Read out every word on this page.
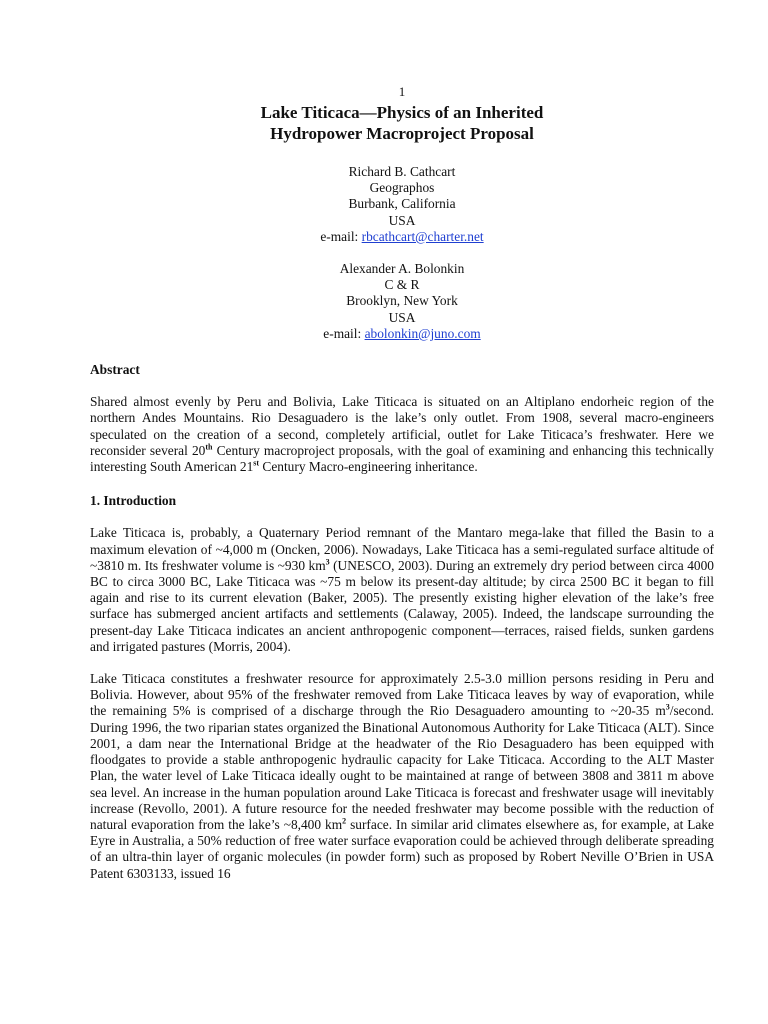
1
Lake Titicaca—Physics of an Inherited
Hydropower Macroproject Proposal
Richard B. Cathcart
Geographos
Burbank, California
USA
e-mail: rbcathcart@charter.net
Alexander A. Bolonkin
C & R
Brooklyn, New York
USA
e-mail: abolonkin@juno.com
Abstract

Shared almost evenly by Peru and Bolivia, Lake Titicaca is situated on an Altiplano endorheic region of the northern Andes Mountains. Rio Desaguadero is the lake’s only outlet. From 1908, several macro-engineers speculated on the creation of a second, completely artificial, outlet for Lake Titicaca’s freshwater. Here we reconsider several 20th Century macroproject proposals, with the goal of examining and enhancing this technically interesting South American 21st Century Macro-engineering inheritance.

1. Introduction

Lake Titicaca is, probably, a Quaternary Period remnant of the Mantaro mega-lake that filled the Basin to a maximum elevation of ~4,000 m (Oncken, 2006). Nowadays, Lake Titicaca has a semi-regulated surface altitude of ~3810 m. Its freshwater volume is ~930 $km^3$ (UNESCO, 2003). During an extremely dry period between circa 4000 BC to circa 3000 BC, Lake Titicaca was ~75 m below its present-day altitude; by circa 2500 BC it began to fill again and rise to its current elevation (Baker, 2005). The presently existing higher elevation of the lake’s free surface has submerged ancient artifacts and settlements (Calaway, 2005). Indeed, the landscape surrounding the present-day Lake Titicaca indicates an ancient anthropogenic component—terraces, raised fields, sunken gardens and irrigated pastures (Morris, 2004).

Lake Titicaca constitutes a freshwater resource for approximately 2.5-3.0 million persons residing in Peru and Bolivia. However, about 95% of the freshwater removed from Lake Titicaca leaves by way of evaporation, while the remaining 5% is comprised of a discharge through the Rio Desaguadero amounting to ~20-35 $m^3$/second. During 1996, the two riparian states organized the Binational Autonomous Authority for Lake Titicaca (ALT). Since 2001, a dam near the International Bridge at the headwater of the Rio Desaguadero has been equipped with floodgates to provide a stable anthropogenic hydraulic capacity for Lake Titicaca. According to the ALT Master Plan, the water level of Lake Titicaca ideally ought to be maintained at range of between 3808 and 3811 m above sea level. An increase in the human population around Lake Titicaca is forecast and freshwater usage will inevitably increase (Revollo, 2001). A future resource for the needed freshwater may become possible with the reduction of natural evaporation from the lake’s ~8,400 $km^2$ surface. In similar arid climates elsewhere as, for example, at Lake Eyre in Australia, a 50% reduction of free water surface evaporation could be achieved through deliberate spreading of an ultra-thin layer of organic molecules (in powder form) such as proposed by Robert Neville O’Brien in USA Patent 6303133, issued 16
